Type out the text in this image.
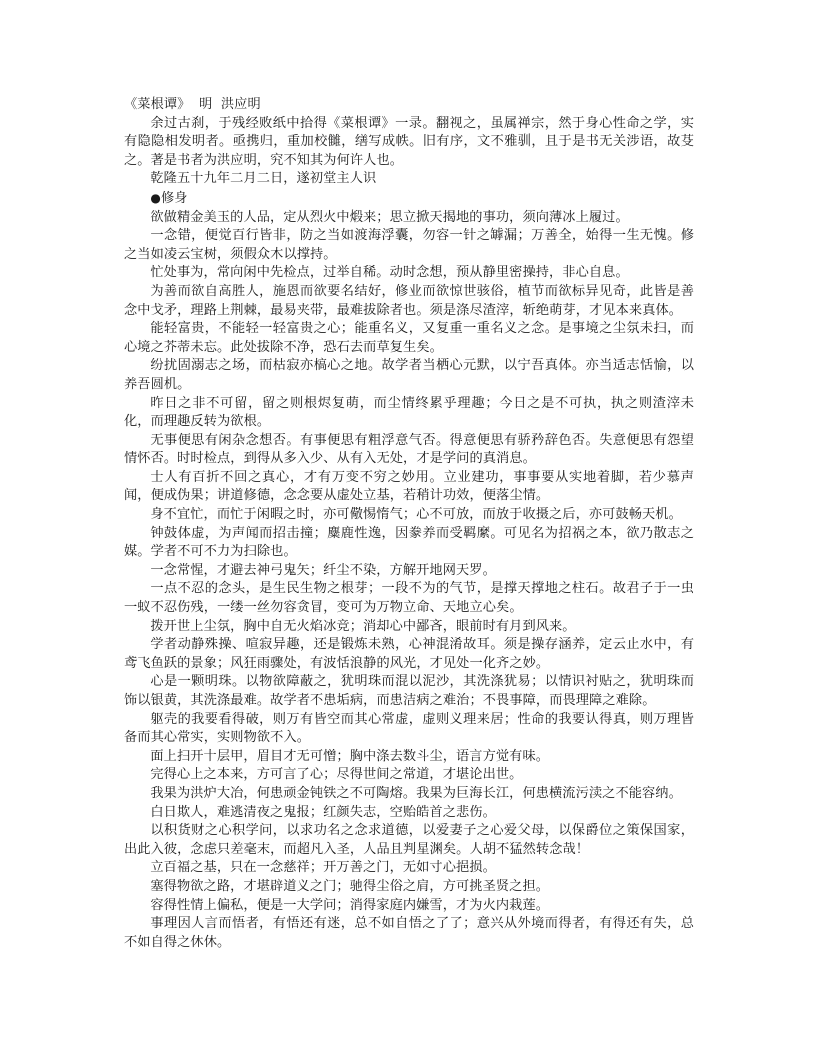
《菜根谭》  明  洪应明

余过古刹，于残经败纸中拾得《菜根谭》一录。翻视之，虽属禅宗，然于身心性命之学，实有隐隐相发明者。亟携归，重加校雠，缮写成帙。旧有序，文不雅驯，且于是书无关涉语，故芟之。著是书者为洪应明，究不知其为何许人也。

乾隆五十九年二月二日，遂初堂主人识

●修身

欲做精金美玉的人品，定从烈火中煅来；思立掀天揭地的事功，须向薄冰上履过。

一念错，便觉百行皆非，防之当如渡海浮囊，勿容一针之罅漏；万善全，始得一生无愧。修之当如凌云宝树，须假众木以撑持。

忙处事为，常向闲中先检点，过举自稀。动时念想，预从静里密操持，非心自息。

为善而欲自高胜人，施恩而欲要名结好，修业而欲惊世骇俗，植节而欲标异见奇，此皆是善念中戈矛，理路上荆棘，最易夹带，最难拔除者也。须是涤尽渣滓，斩绝萌芽，才见本来真体。

能轻富贵，不能轻一轻富贵之心；能重名义，又复重一重名义之念。是事境之尘氛未扫，而心境之芥蒂未忘。此处拔除不净，恐石去而草复生矣。

纷扰固溺志之场，而枯寂亦槁心之地。故学者当栖心元默，以宁吾真体。亦当适志恬愉，以养吾圆机。

昨日之非不可留，留之则根烬复萌，而尘情终累乎理趣；今日之是不可执，执之则渣滓未化，而理趣反转为欲根。

无事便思有闲杂念想否。有事便思有粗浮意气否。得意便思有骄矜辞色否。失意便思有怨望情怀否。时时检点，到得从多入少、从有入无处，才是学问的真消息。

士人有百折不回之真心，才有万变不穷之妙用。立业建功，事事要从实地着脚，若少慕声闻，便成伪果；讲道修德，念念要从虚处立基，若稍计功效，便落尘情。

身不宜忙，而忙于闲暇之时，亦可儆惕惰气；心不可放，而放于收摄之后，亦可鼓畅天机。

钟鼓体虚，为声闻而招击撞；麋鹿性逸，因豢养而受羁縻。可见名为招祸之本，欲乃散志之媒。学者不可不力为扫除也。

一念常惺，才避去神弓鬼矢；纤尘不染，方解开地网天罗。

一点不忍的念头，是生民生物之根芽；一段不为的气节，是撑天撑地之柱石。故君子于一虫一蚁不忍伤残，一缕一丝勿容贪冒，变可为万物立命、天地立心矣。

拨开世上尘氛，胸中自无火焰冰竞；消却心中鄙吝，眼前时有月到风来。

学者动静殊操、喧寂异趣，还是锻炼未熟，心神混淆故耳。须是操存涵养，定云止水中，有鸢飞鱼跃的景象；风狂雨骤处，有波恬浪静的风光，才见处一化齐之妙。

心是一颗明珠。以物欲障蔽之，犹明珠而混以泥沙，其洗涤犹易；以情识衬贴之，犹明珠而饰以银黄，其洗涤最难。故学者不患垢病，而患洁病之难治；不畏事障，而畏理障之难除。

躯壳的我要看得破，则万有皆空而其心常虚，虚则义理来居；性命的我要认得真，则万理皆备而其心常实，实则物欲不入。

面上扫开十层甲，眉目才无可憎；胸中涤去数斗尘，语言方觉有味。

完得心上之本来，方可言了心；尽得世间之常道，才堪论出世。

我果为洪炉大冶，何患顽金钝铁之不可陶熔。我果为巨海长江，何患横流污渎之不能容纳。

白日欺人，难逃清夜之鬼报；红颜失志，空贻皓首之悲伤。

以积货财之心积学问，以求功名之念求道德，以爱妻子之心爱父母，以保爵位之策保国家，出此入彼，念虑只差毫末，而超凡入圣，人品且判星渊矣。人胡不猛然转念哉！

立百福之基，只在一念慈祥；开万善之门，无如寸心挹损。

塞得物欲之路，才堪辟道义之门；驰得尘俗之肩，方可挑圣贤之担。

容得性情上偏私，便是一大学问；消得家庭内嫌雪，才为火内栽莲。

事理因人言而悟者，有悟还有迷，总不如自悟之了了；意兴从外境而得者，有得还有失，总不如自得之休休。
